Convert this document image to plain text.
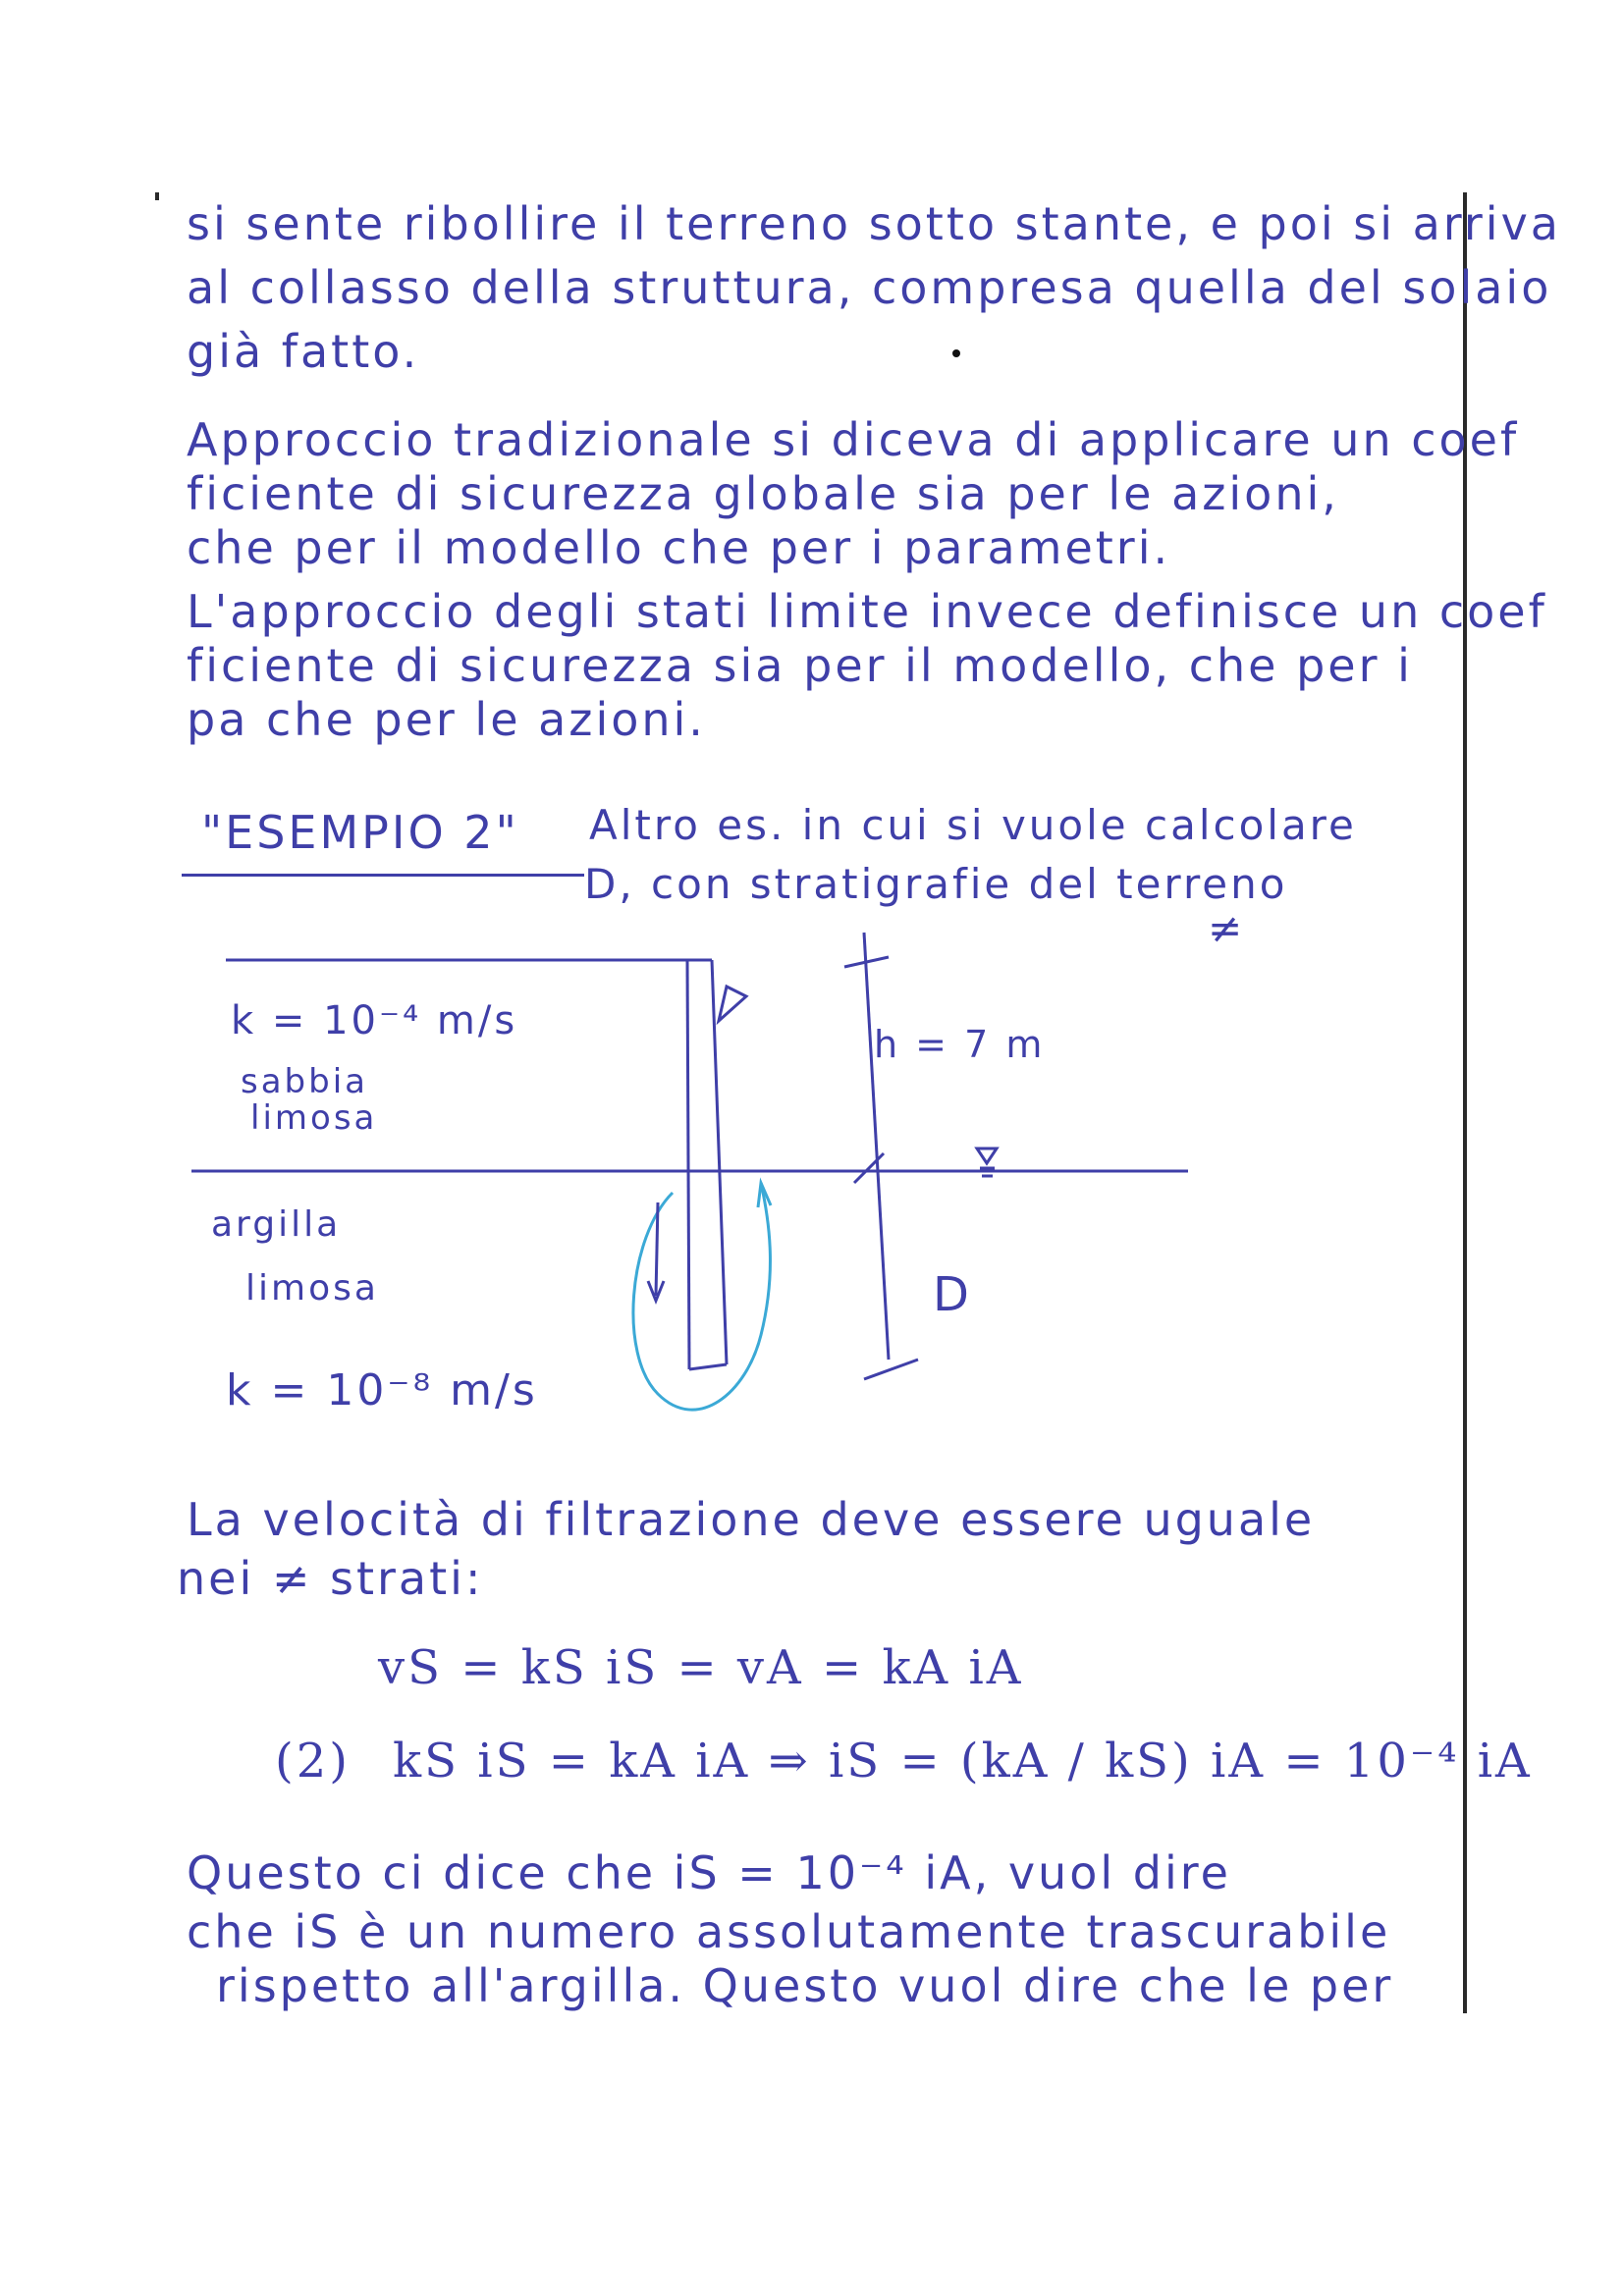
si sente ribollire il terreno sotto stante, e poi si arriva
al collasso della struttura, compresa quella del solaio
già fatto.
Approccio tradizionale si diceva di applicare un coef
ficiente di sicurezza globale sia per le azioni,
che per il modello che per i parametri.
L'approccio degli stati limite invece definisce un coef
ficiente di sicurezza sia per il modello, che per i
pa che per le azioni.
"ESEMPIO 2" Altro es. in cui si vuole calcolare
D, con stratigrafie del terreno
≠
k = 10⁻⁴ m/s
sabbia
limosa
h = 7 m
argilla
limosa	D
k = 10⁻⁸ m/s
La velocità di filtrazione deve essere uguale
nei ≠ strati:
vS = kS iS = vA = kA iA
(2) kS iS = kA iA ⇒ iS = (kA / kS) iA = 10⁻⁴ iA
Questo ci dice che iS = 10⁻⁴ iA, vuol dire
che iS è un numero assolutamente trascurabile
rispetto all'argilla. Questo vuol dire che le per
